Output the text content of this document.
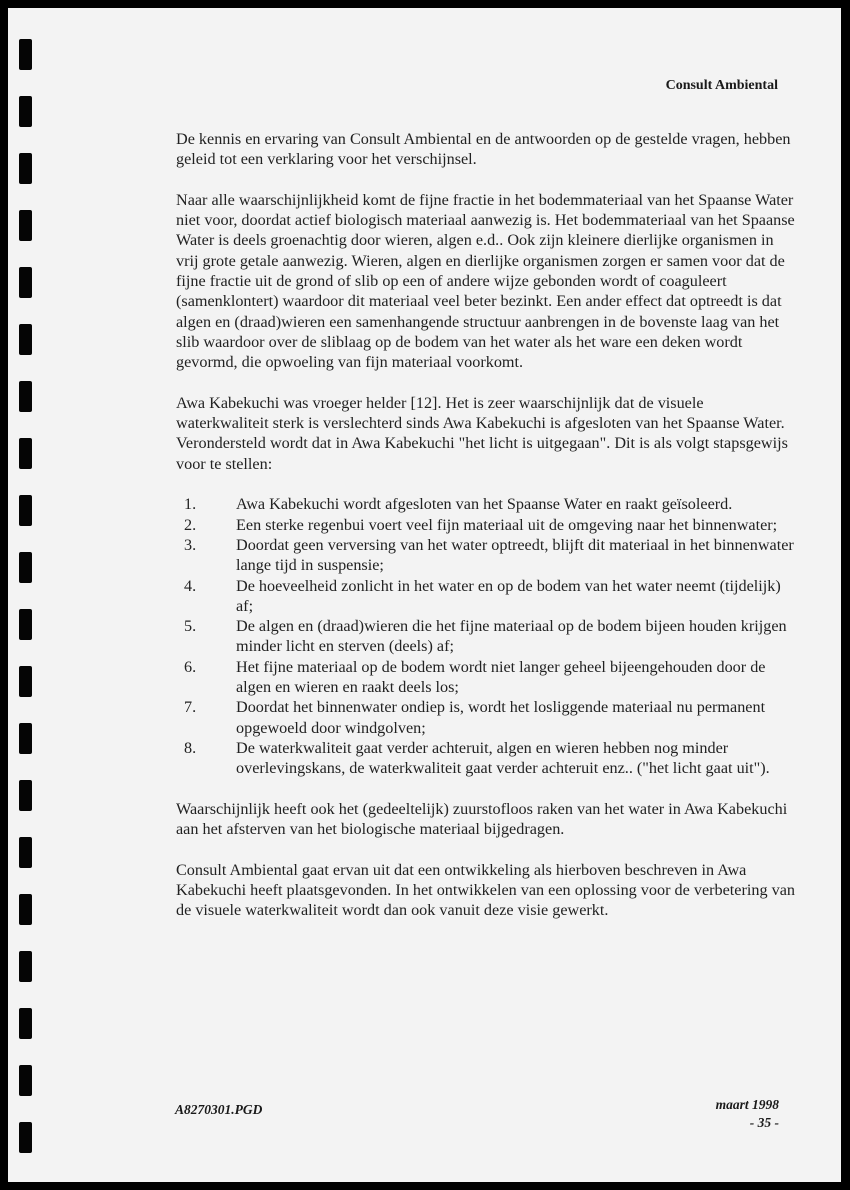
Consult Ambiental

De kennis en ervaring van Consult Ambiental en de antwoorden op de gestelde vragen, hebben geleid tot een verklaring voor het verschijnsel.

Naar alle waarschijnlijkheid komt de fijne fractie in het bodemmateriaal van het Spaanse Water niet voor, doordat actief biologisch materiaal aanwezig is. Het bodemmateriaal van het Spaanse Water is deels groenachtig door wieren, algen e.d.. Ook zijn kleinere dierlijke organismen in vrij grote getale aanwezig. Wieren, algen en dierlijke organismen zorgen er samen voor dat de fijne fractie uit de grond of slib op een of andere wijze gebonden wordt of coaguleert (samenklontert) waardoor dit materiaal veel beter bezinkt. Een ander effect dat optreedt is dat algen en (draad)wieren een samenhangende structuur aanbrengen in de bovenste laag van het slib waardoor over de sliblaag op de bodem van het water als het ware een deken wordt gevormd, die opwoeling van fijn materiaal voorkomt.

Awa Kabekuchi was vroeger helder [12]. Het is zeer waarschijnlijk dat de visuele waterkwaliteit sterk is verslechterd sinds Awa Kabekuchi is afgesloten van het Spaanse Water. Verondersteld wordt dat in Awa Kabekuchi "het licht is uitgegaan". Dit is als volgt stapsgewijs voor te stellen:

1. Awa Kabekuchi wordt afgesloten van het Spaanse Water en raakt geïsoleerd.
2. Een sterke regenbui voert veel fijn materiaal uit de omgeving naar het binnenwater;
3. Doordat geen verversing van het water optreedt, blijft dit materiaal in het binnenwater lange tijd in suspensie;
4. De hoeveelheid zonlicht in het water en op de bodem van het water neemt (tijdelijk) af;
5. De algen en (draad)wieren die het fijne materiaal op de bodem bijeen houden krijgen minder licht en sterven (deels) af;
6. Het fijne materiaal op de bodem wordt niet langer geheel bijeengehouden door de algen en wieren en raakt deels los;
7. Doordat het binnenwater ondiep is, wordt het losliggende materiaal nu permanent opgewoeld door windgolven;
8. De waterkwaliteit gaat verder achteruit, algen en wieren hebben nog minder overlevingskans, de waterkwaliteit gaat verder achteruit enz.. ("het licht gaat uit").

Waarschijnlijk heeft ook het (gedeeltelijk) zuurstofloos raken van het water in Awa Kabekuchi aan het afsterven van het biologische materiaal bijgedragen.

Consult Ambiental gaat ervan uit dat een ontwikkeling als hierboven beschreven in Awa Kabekuchi heeft plaatsgevonden. In het ontwikkelen van een oplossing voor de verbetering van de visuele waterkwaliteit wordt dan ook vanuit deze visie gewerkt.

A8270301.PGD	maart 1998
- 35 -
